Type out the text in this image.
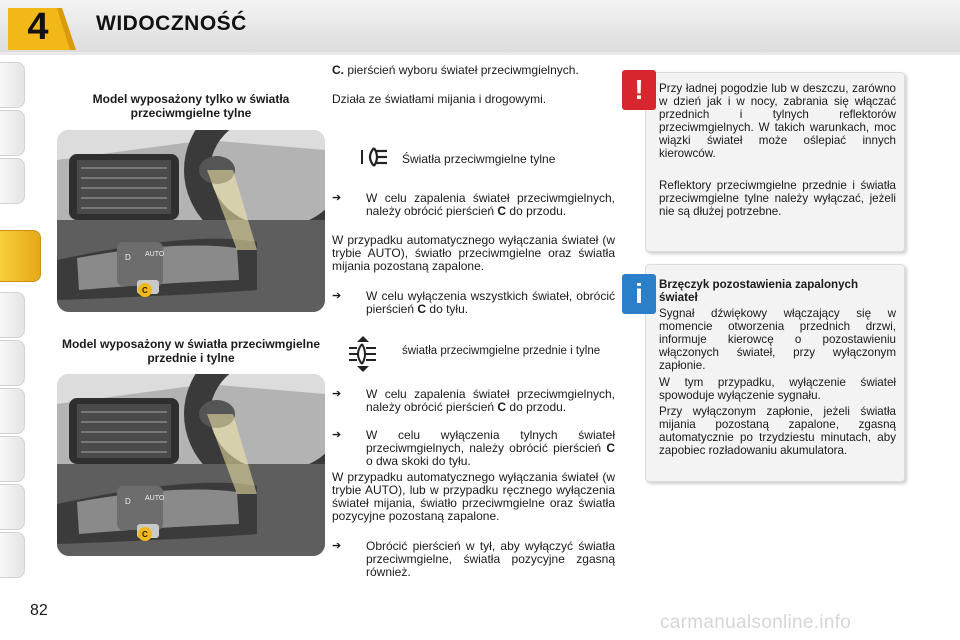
4	WIDOCZNOŚĆ
Model wyposażony tylko w światła przeciwmgielne tylne
D AUTO
C
Model wyposażony w światła przeciwmgielne przednie i tylne
D AUTO
C
C. pierścień wyboru świateł przeciwmgielnych.
Działa ze światłami mijania i drogowymi.
Światła przeciwmgielne tylne
➔ W celu zapalenia świateł przeciwmgielnych, należy obrócić pierścień C do przodu.
W przypadku automatycznego wyłączania świateł (w trybie AUTO), światło przeciwmgielne oraz światła mijania pozostaną zapalone.
➔ W celu wyłączenia wszystkich świateł, obrócić pierścień C do tyłu.
światła przeciwmgielne przednie i tylne
➔ W celu zapalenia świateł przeciwmgielnych, należy obrócić pierścień C do przodu.
➔ W celu wyłączenia tylnych świateł przeciwmgielnych, należy obrócić pierścień C o dwa skoki do tyłu.
W przypadku automatycznego wyłączania świateł (w trybie AUTO), lub w przypadku ręcznego wyłączenia świateł mijania, światło przeciwmgielne oraz światła pozycyjne pozostaną zapalone.
➔ Obrócić pierścień w tył, aby wyłączyć światła przeciwmgielne, światła pozycyjne zgasną również.
!	Przy ładnej pogodzie lub w deszczu, zarówno w dzień jak i w nocy, zabrania się włączać przednich i tylnych reflektorów przeciwmgielnych. W takich warunkach, moc wiązki świateł może oślepiać innych kierowców.
Reflektory przeciwmgielne przednie i światła przeciwmgielne tylne należy wyłączać, jeżeli nie są dłużej potrzebne.
i	Brzęczyk pozostawienia zapalonych świateł
Sygnał dźwiękowy włączający się w momencie otworzenia przednich drzwi, informuje kierowcę o pozostawieniu włączonych świateł, przy wyłączonym zapłonie.
W tym przypadku, wyłączenie świateł spowoduje wyłączenie sygnału.
Przy wyłączonym zapłonie, jeżeli światła mijania pozostaną zapalone, zgasną automatycznie po trzydziestu minutach, aby zapobiec rozładowaniu akumulatora.
82
carmanualsonline.info
